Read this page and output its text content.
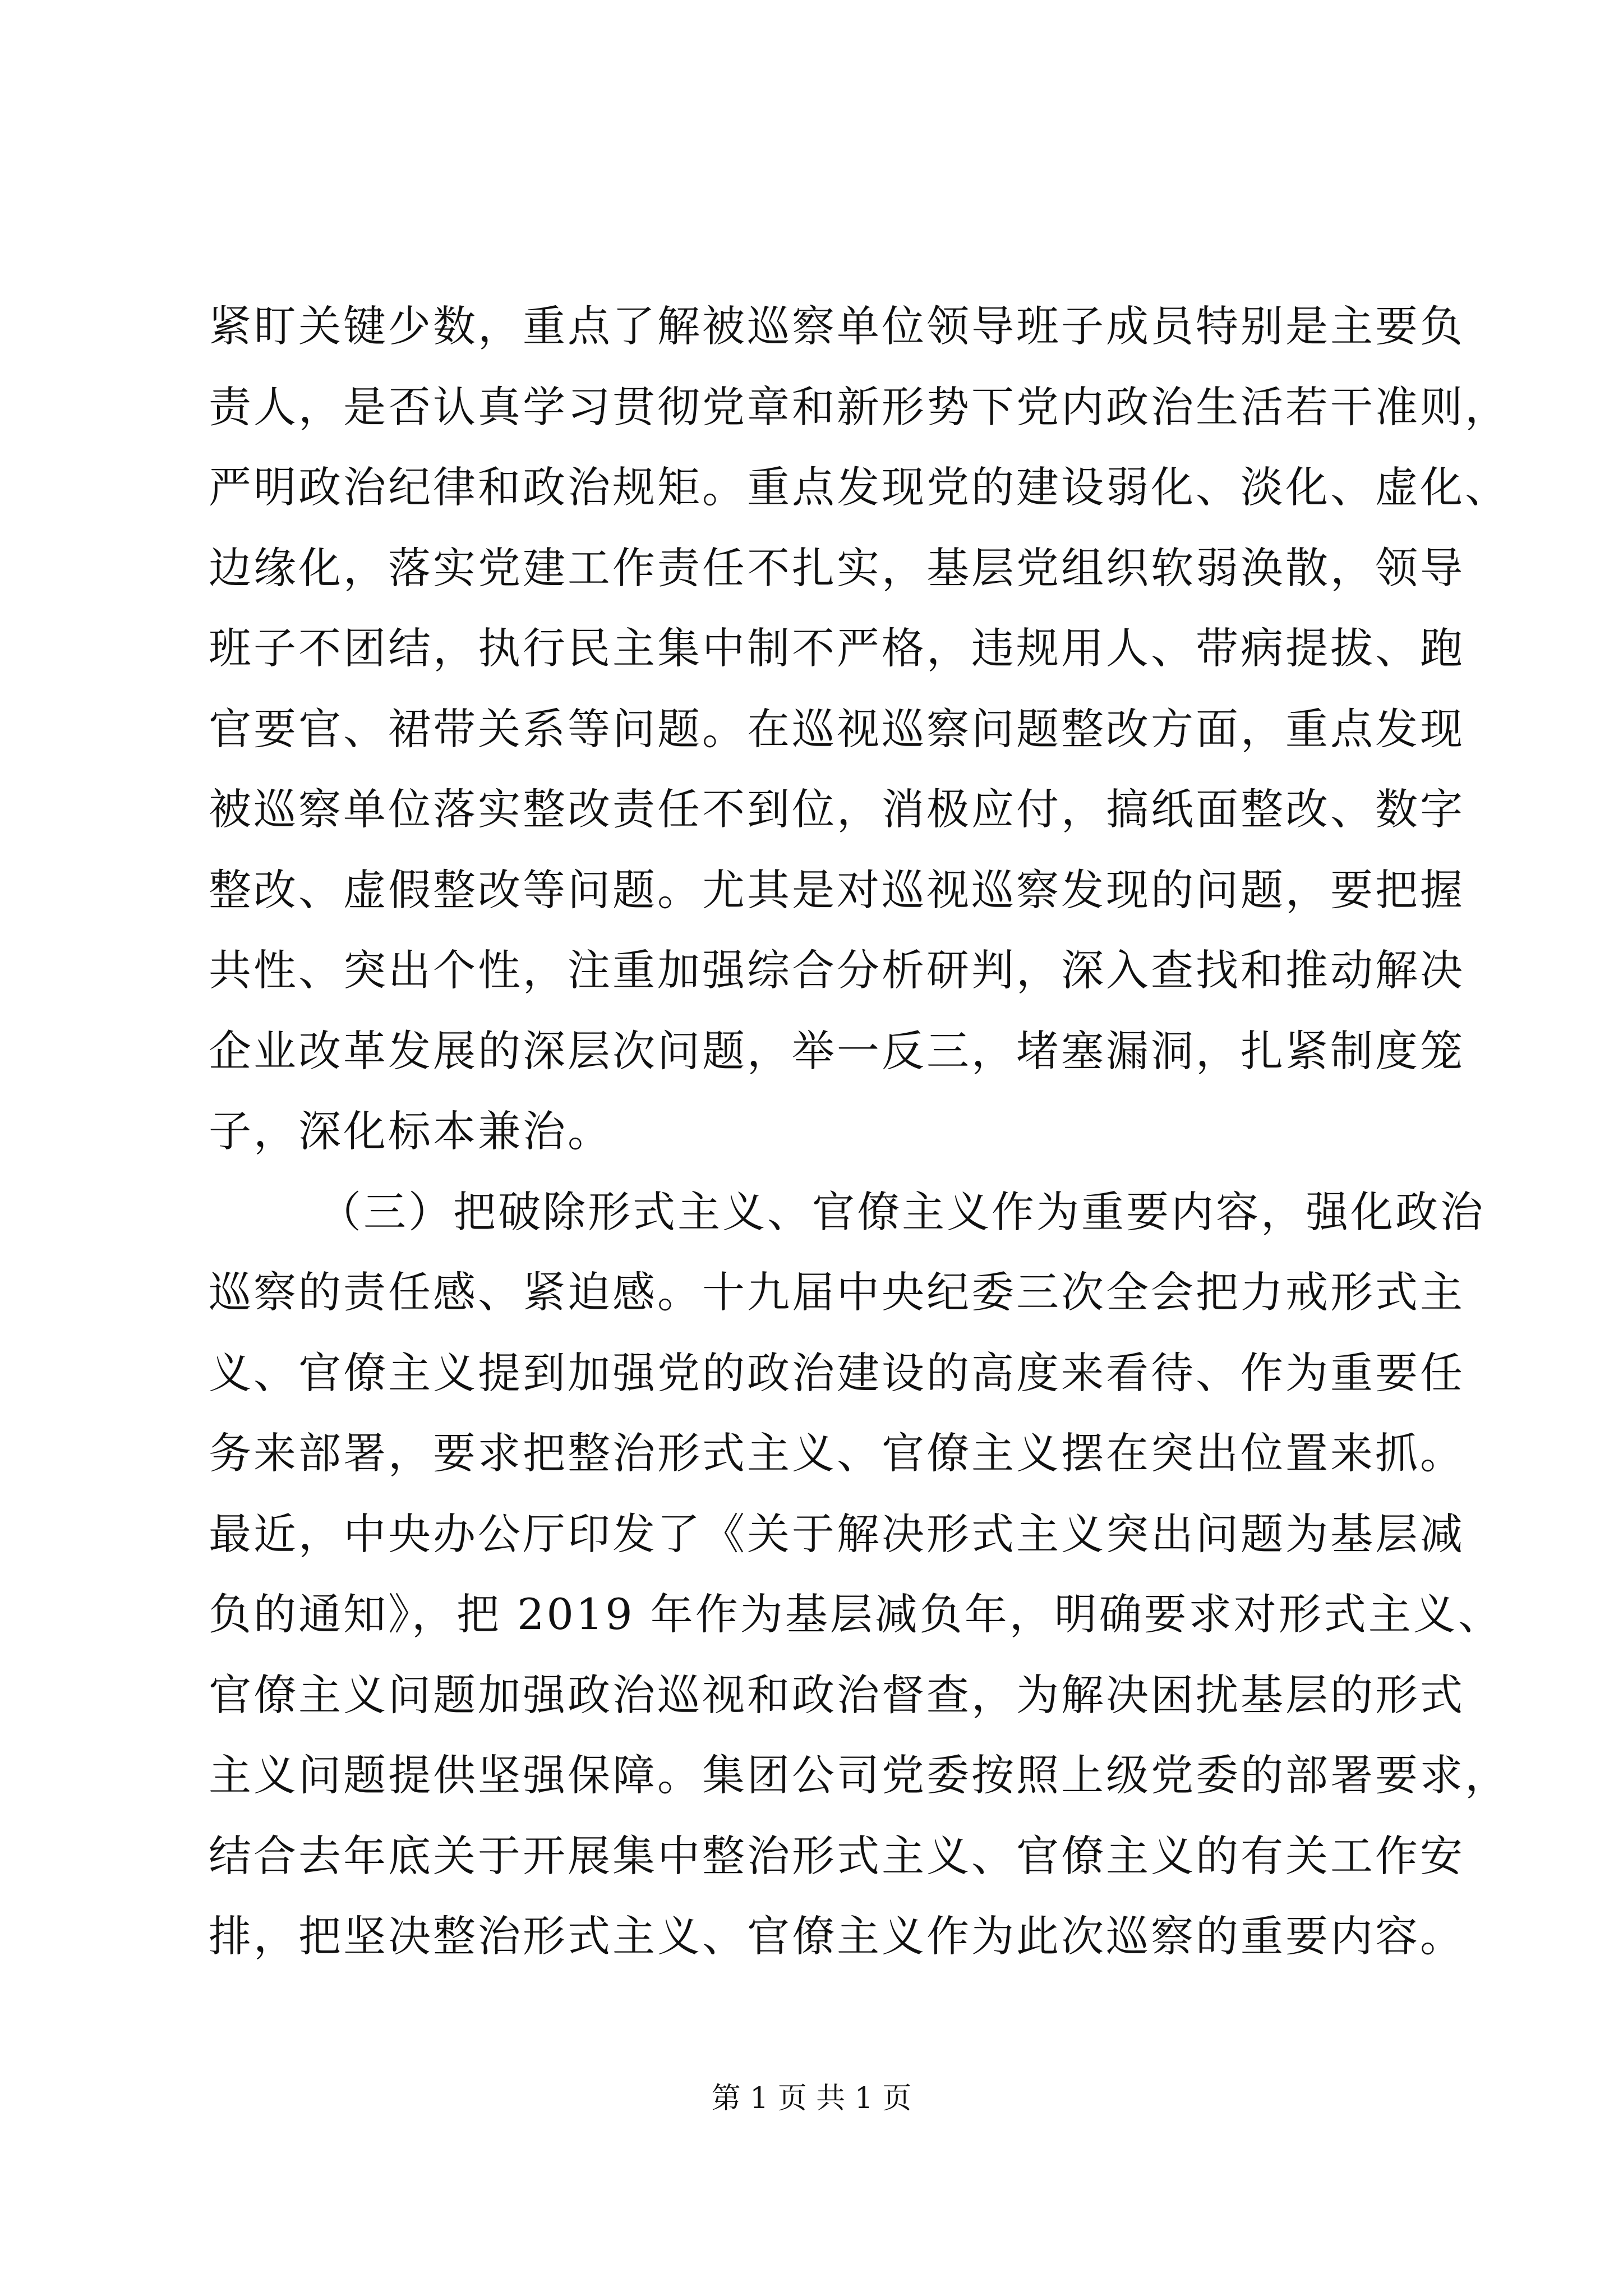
紧盯关键少数，重点了解被巡察单位领导班子成员特别是主要负
责人，是否认真学习贯彻党章和新形势下党内政治生活若干准则，
严明政治纪律和政治规矩。重点发现党的建设弱化、淡化、虚化、
边缘化，落实党建工作责任不扎实，基层党组织软弱涣散，领导
班子不团结，执行民主集中制不严格，违规用人、带病提拔、跑
官要官、裙带关系等问题。在巡视巡察问题整改方面，重点发现
被巡察单位落实整改责任不到位，消极应付，搞纸面整改、数字
整改、虚假整改等问题。尤其是对巡视巡察发现的问题，要把握
共性、突出个性，注重加强综合分析研判，深入查找和推动解决
企业改革发展的深层次问题，举一反三，堵塞漏洞，扎紧制度笼
子，深化标本兼治。
（三）把破除形式主义、官僚主义作为重要内容，强化政治
巡察的责任感、紧迫感。十九届中央纪委三次全会把力戒形式主
义、官僚主义提到加强党的政治建设的高度来看待、作为重要任
务来部署，要求把整治形式主义、官僚主义摆在突出位置来抓。
最近，中央办公厅印发了《关于解决形式主义突出问题为基层减
负的通知》，把 2019 年作为基层减负年，明确要求对形式主义、
官僚主义问题加强政治巡视和政治督查，为解决困扰基层的形式
主义问题提供坚强保障。集团公司党委按照上级党委的部署要求，
结合去年底关于开展集中整治形式主义、官僚主义的有关工作安
排，把坚决整治形式主义、官僚主义作为此次巡察的重要内容。
第 1 页 共 1 页
